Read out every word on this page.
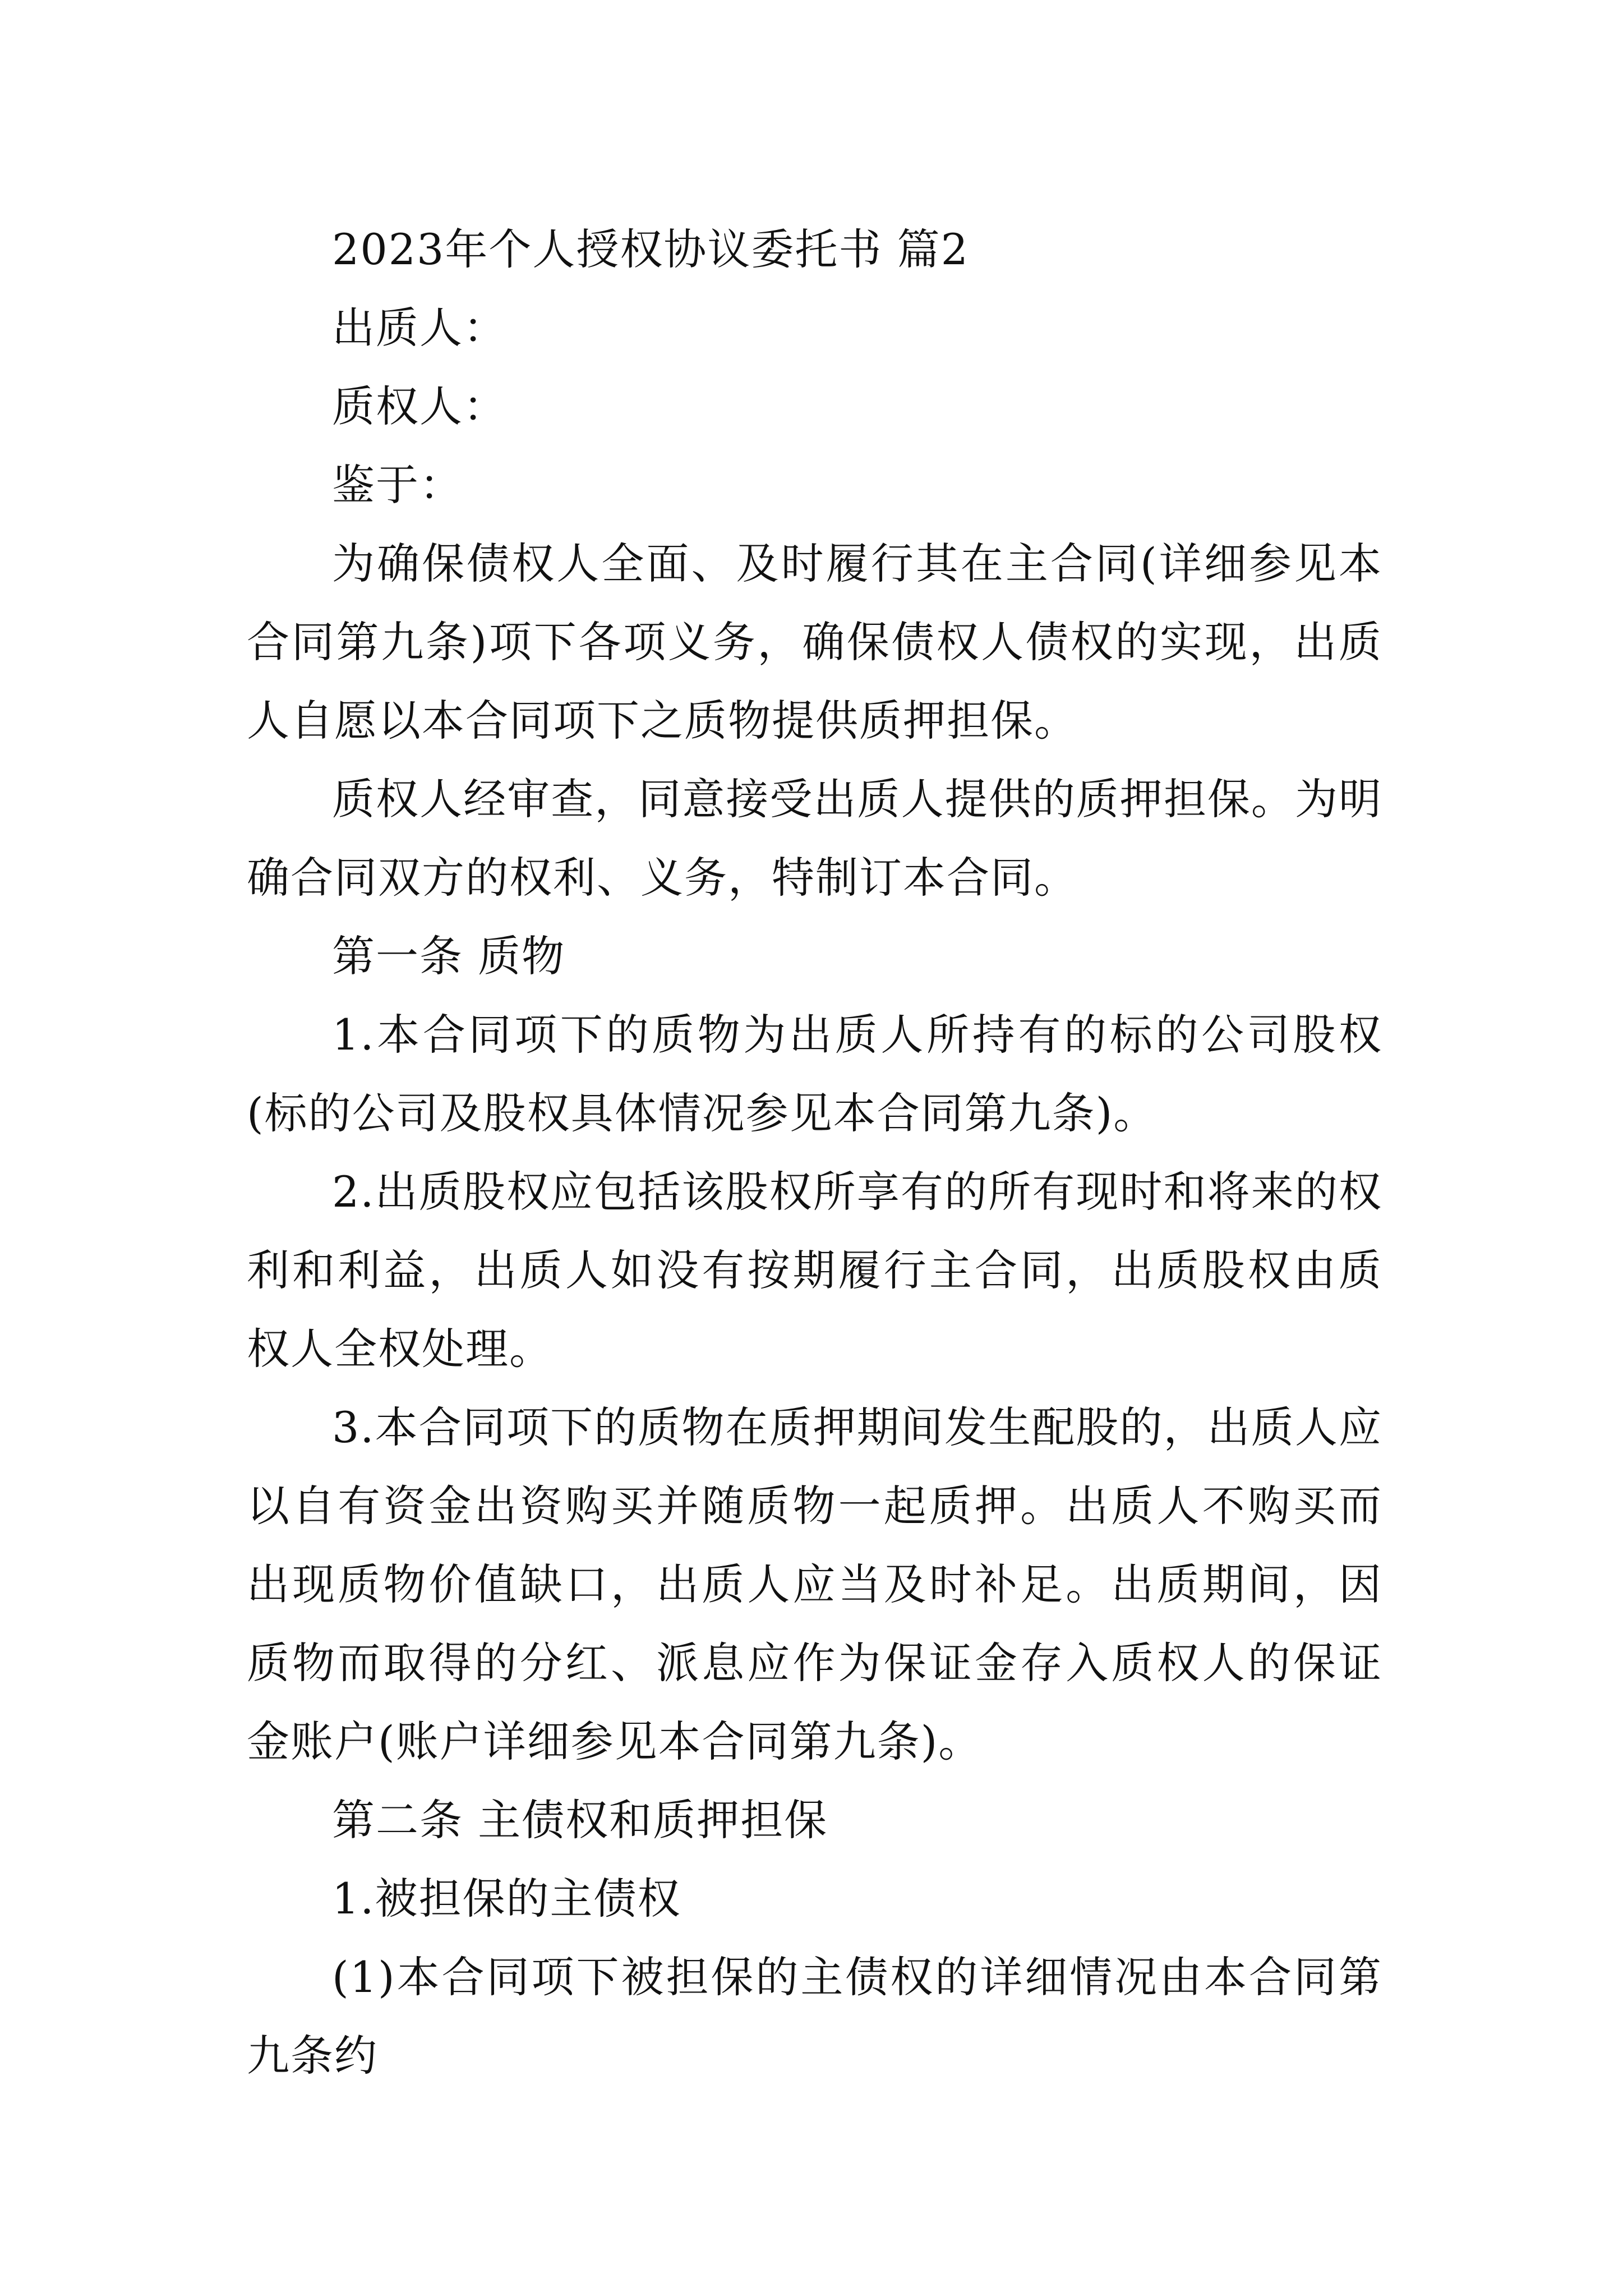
2023年个人授权协议委托书 篇2

出质人：

质权人：

鉴于：

为确保债权人全面、及时履行其在主合同(详细参见本合同第九条)项下各项义务，确保债权人债权的实现，出质人自愿以本合同项下之质物提供质押担保。

质权人经审查，同意接受出质人提供的质押担保。为明确合同双方的权利、义务，特制订本合同。

第一条 质物

1.本合同项下的质物为出质人所持有的标的公司股权(标的公司及股权具体情况参见本合同第九条)。

2.出质股权应包括该股权所享有的所有现时和将来的权利和利益，出质人如没有按期履行主合同，出质股权由质权人全权处理。

3.本合同项下的质物在质押期间发生配股的，出质人应以自有资金出资购买并随质物一起质押。出质人不购买而出现质物价值缺口，出质人应当及时补足。出质期间，因质物而取得的分红、派息应作为保证金存入质权人的保证金账户(账户详细参见本合同第九条)。

第二条 主债权和质押担保

1.被担保的主债权

(1)本合同项下被担保的主债权的详细情况由本合同第九条约
